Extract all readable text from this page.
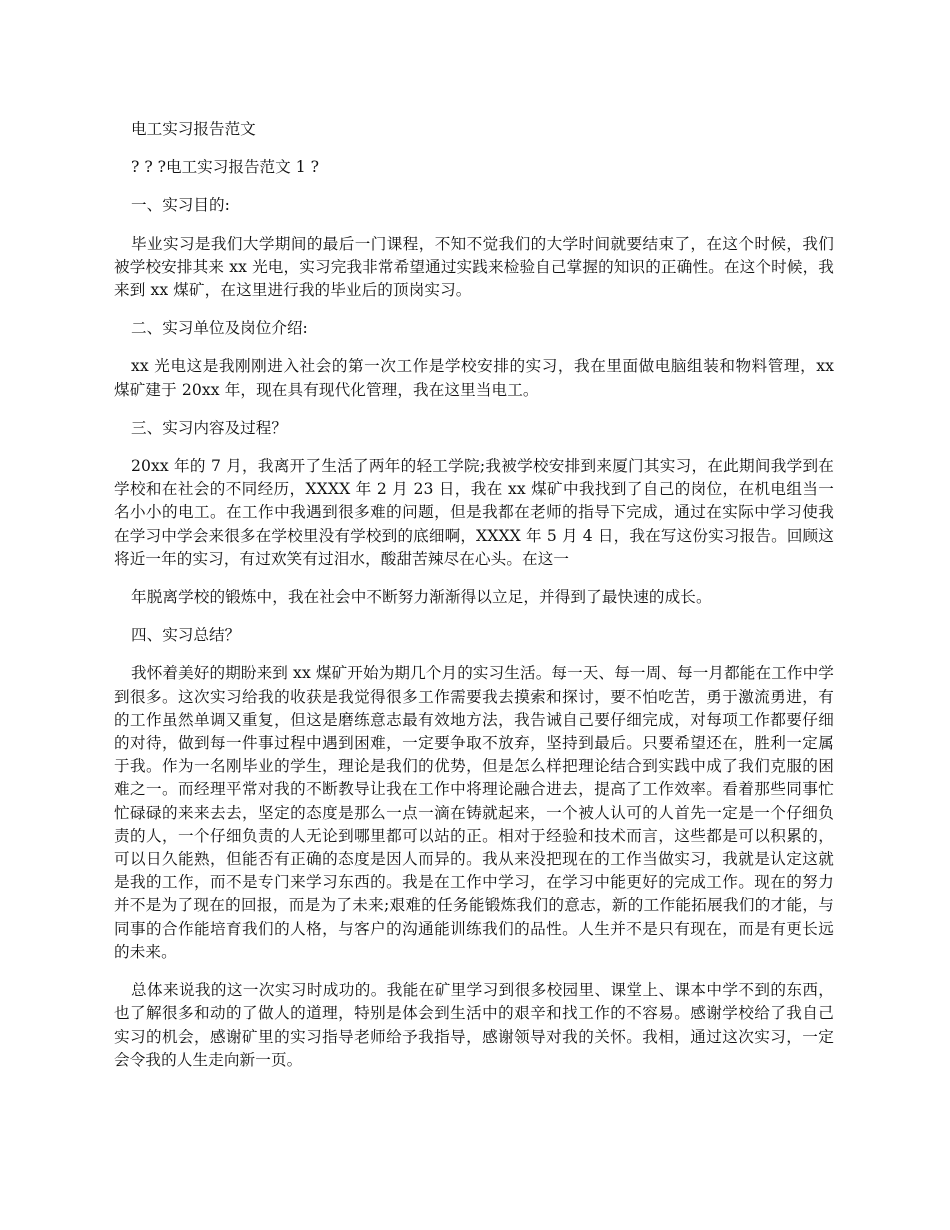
电工实习报告范文

? ? ?电工实习报告范文 1 ?

一、实习目的:

毕业实习是我们大学期间的最后一门课程，不知不觉我们的大学时间就要结束了，在这个时候，我们被学校安排其来 xx 光电，实习完我非常希望通过实践来检验自己掌握的知识的正确性。在这个时候，我来到 xx 煤矿，在这里进行我的毕业后的顶岗实习。

二、实习单位及岗位介绍:

xx 光电这是我刚刚进入社会的第一次工作是学校安排的实习，我在里面做电脑组装和物料管理，xx 煤矿建于 20xx 年，现在具有现代化管理，我在这里当电工。

三、实习内容及过程？

20xx 年的 7 月，我离开了生活了两年的轻工学院;我被学校安排到来厦门其实习，在此期间我学到在学校和在社会的不同经历，XXXX 年 2 月 23 日，我在 xx 煤矿中我找到了自己的岗位，在机电组当一名小小的电工。在工作中我遇到很多难的问题，但是我都在老师的指导下完成，通过在实际中学习使我在学习中学会来很多在学校里没有学校到的底细啊，XXXX 年 5 月 4 日，我在写这份实习报告。回顾这将近一年的实习，有过欢笑有过泪水，酸甜苦辣尽在心头。在这一

年脱离学校的锻炼中，我在社会中不断努力渐渐得以立足，并得到了最快速的成长。

四、实习总结？

我怀着美好的期盼来到 xx 煤矿开始为期几个月的实习生活。每一天、每一周、每一月都能在工作中学到很多。这次实习给我的收获是我觉得很多工作需要我去摸索和探讨，要不怕吃苦，勇于激流勇进，有的工作虽然单调又重复，但这是磨练意志最有效地方法，我告诫自己要仔细完成，对每项工作都要仔细的对待，做到每一件事过程中遇到困难，一定要争取不放弃，坚持到最后。只要希望还在，胜利一定属于我。作为一名刚毕业的学生，理论是我们的优势，但是怎么样把理论结合到实践中成了我们克服的困难之一。而经理平常对我的不断教导让我在工作中将理论融合进去，提高了工作效率。看着那些同事忙忙碌碌的来来去去，坚定的态度是那么一点一滴在铸就起来，一个被人认可的人首先一定是一个仔细负责的人，一个仔细负责的人无论到哪里都可以站的正。相对于经验和技术而言，这些都是可以积累的，可以日久能熟，但能否有正确的态度是因人而异的。我从来没把现在的工作当做实习，我就是认定这就是我的工作，而不是专门来学习东西的。我是在工作中学习，在学习中能更好的完成工作。现在的努力并不是为了现在的回报，而是为了未来;艰难的任务能锻炼我们的意志，新的工作能拓展我们的才能，与同事的合作能培育我们的人格，与客户的沟通能训练我们的品性。人生并不是只有现在，而是有更长远的未来。

总体来说我的这一次实习时成功的。我能在矿里学习到很多校园里、课堂上、课本中学不到的东西，也了解很多和动的了做人的道理，特别是体会到生活中的艰辛和找工作的不容易。感谢学校给了我自己实习的机会，感谢矿里的实习指导老师给予我指导，感谢领导对我的关怀。我相，通过这次实习，一定会令我的人生走向新一页。
